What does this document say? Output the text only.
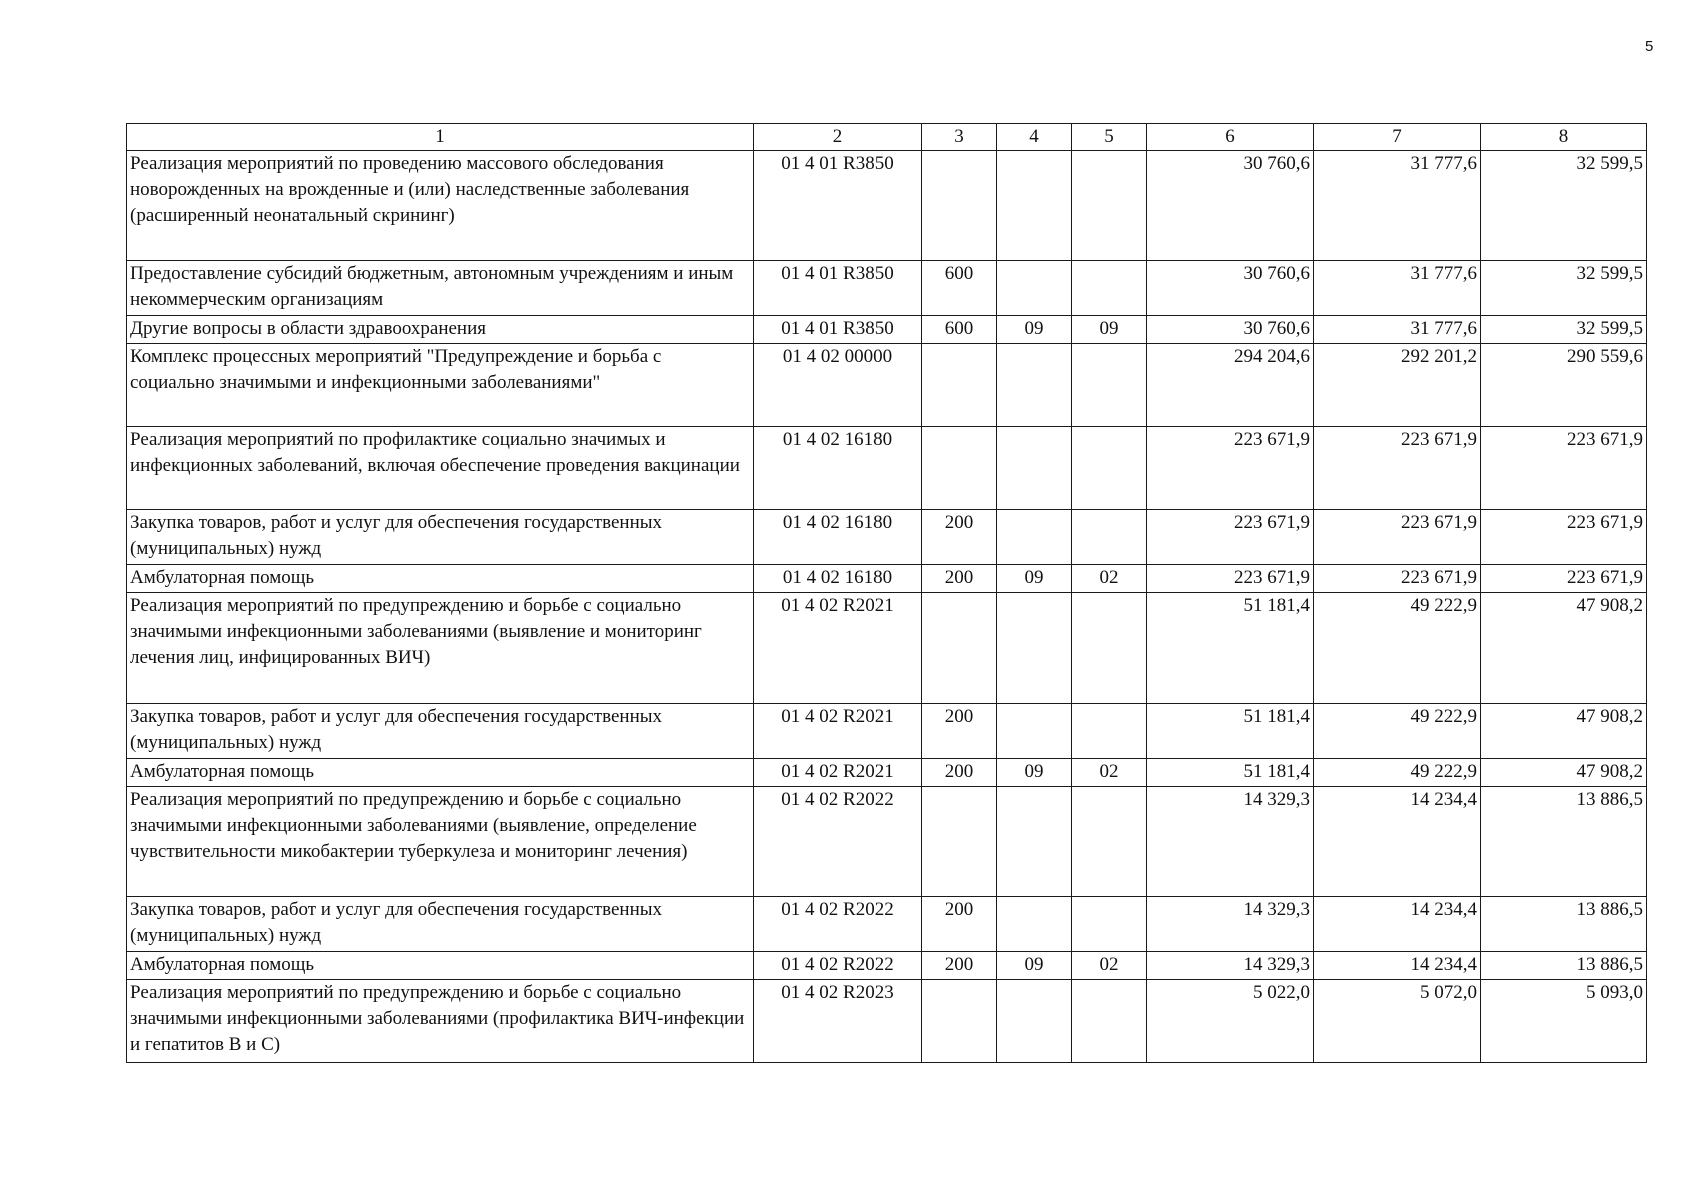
5
1	2	3	4	5	6	7	8
Реализация мероприятий по проведению массового обследования новорожденных на врожденные и (или) наследственные заболевания (расширенный неонатальный скрининг)	01 4 01 R3850				30 760,6	31 777,6	32 599,5
Предоставление субсидий бюджетным, автономным учреждениям и иным некоммерческим организациям	01 4 01 R3850	600			30 760,6	31 777,6	32 599,5
Другие вопросы в области здравоохранения	01 4 01 R3850	600	09	09	30 760,6	31 777,6	32 599,5
Комплекс процессных мероприятий "Предупреждение и борьба с социально значимыми и инфекционными заболеваниями"	01 4 02 00000				294 204,6	292 201,2	290 559,6
Реализация мероприятий по профилактике социально значимых и инфекционных заболеваний, включая обеспечение проведения вакцинации	01 4 02 16180				223 671,9	223 671,9	223 671,9
Закупка товаров, работ и услуг для обеспечения государственных (муниципальных) нужд	01 4 02 16180	200			223 671,9	223 671,9	223 671,9
Амбулаторная помощь	01 4 02 16180	200	09	02	223 671,9	223 671,9	223 671,9
Реализация мероприятий по предупреждению и борьбе с социально значимыми инфекционными заболеваниями (выявление и мониторинг лечения лиц, инфицированных ВИЧ)	01 4 02 R2021				51 181,4	49 222,9	47 908,2
Закупка товаров, работ и услуг для обеспечения государственных (муниципальных) нужд	01 4 02 R2021	200			51 181,4	49 222,9	47 908,2
Амбулаторная помощь	01 4 02 R2021	200	09	02	51 181,4	49 222,9	47 908,2
Реализация мероприятий по предупреждению и борьбе с социально значимыми инфекционными заболеваниями (выявление, определение чувствительности микобактерии туберкулеза и мониторинг лечения)	01 4 02 R2022				14 329,3	14 234,4	13 886,5
Закупка товаров, работ и услуг для обеспечения государственных (муниципальных) нужд	01 4 02 R2022	200			14 329,3	14 234,4	13 886,5
Амбулаторная помощь	01 4 02 R2022	200	09	02	14 329,3	14 234,4	13 886,5
Реализация мероприятий по предупреждению и борьбе с социально значимыми инфекционными заболеваниями (профилактика ВИЧ-инфекции и гепатитов В и С)	01 4 02 R2023				5 022,0	5 072,0	5 093,0
